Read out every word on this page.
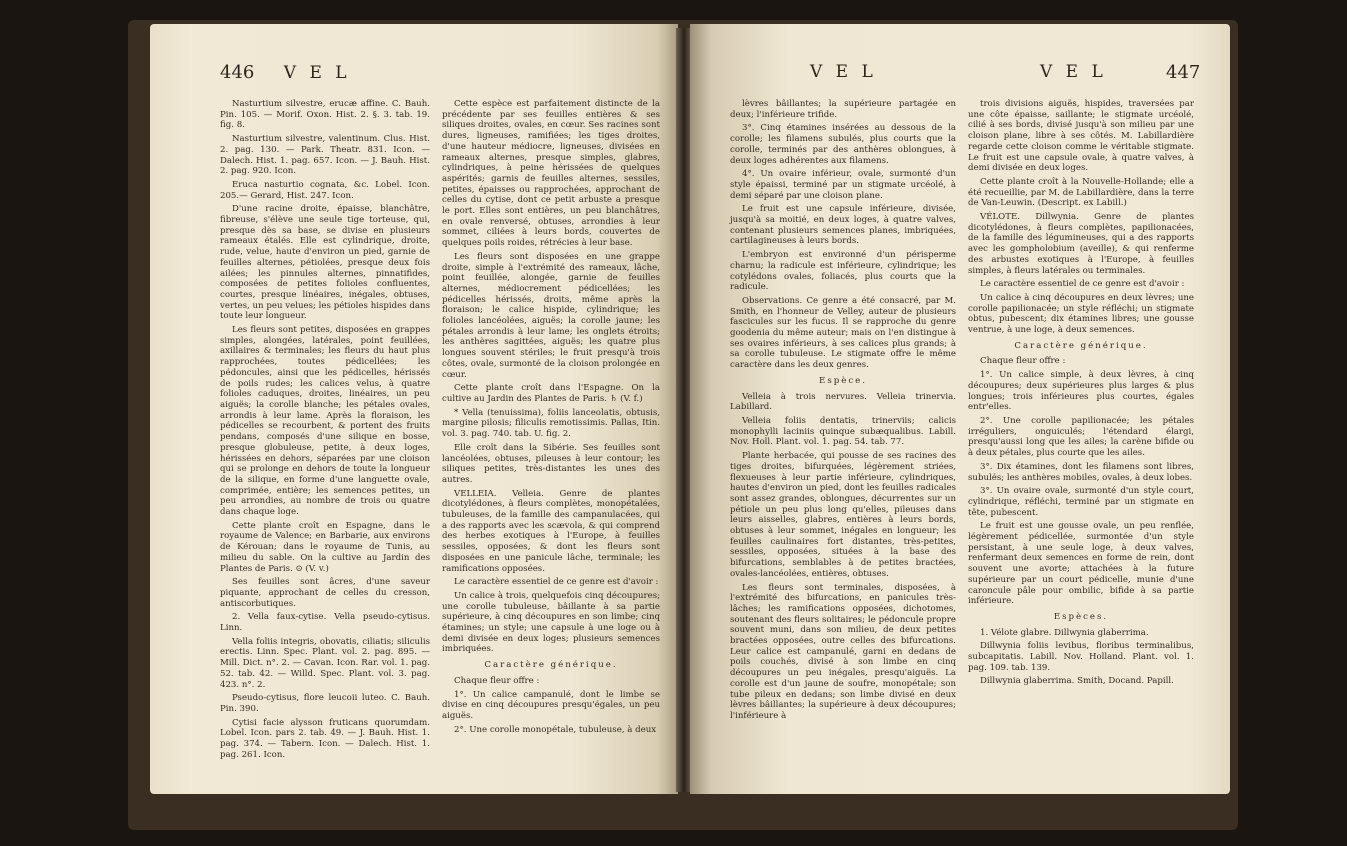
446 V E L

Nasturtium silvestre, erucæ affine. C. Bauh. Pin. 105. — Morif. Oxon. Hist. 2. §. 3. tab. 19. fig. 8.

Nasturtium silvestre, valentinum. Clus. Hist. 2. pag. 130. — Park. Theatr. 831. Icon. — Dalech. Hist. 1. pag. 657. Icon. — J. Bauh. Hist. 2. pag. 920. Icon.

Eruca nasturtio cognata, &c. Lobel. Icon. 205.— Gerard, Hist. 247. Icon.

D'une racine droite, épaisse, blanchâtre, fibreuse, s'élève une seule tige torteuse, qui, presque dès sa base, se divise en plusieurs rameaux étalés. Elle est cylindrique, droite, rude, velue, haute d'environ un pied, garnie de feuilles alternes, pétiolées, presque deux fois ailées; les pinnules alternes, pinnatifides, composées de petites folioles confluentes, courtes, presque linéaires, inégales, obtuses, vertes, un peu velues; les pétioles hispides dans toute leur longueur.

Les fleurs sont petites, disposées en grappes simples, alongées, latérales, point feuillées, axillaires & terminales; les fleurs du haut plus rapprochées, toutes pédicellées; les pédoncules, ainsi que les pédicelles, hérissés de poils rudes; les calices velus, à quatre folioles caduques, droites, linéaires, un peu aiguës; la corolle blanche; les pétales ovales, arrondis à leur lame. Après la floraison, les pédicelles se recourbent, & portent des fruits pendans, composés d'une silique en bosse, presque globuleuse, petite, à deux loges, hérissées en dehors, séparées par une cloison qui se prolonge en dehors de toute la longueur de la silique, en forme d'une languette ovale, comprimée, entière; les semences petites, un peu arrondies, au nombre de trois ou quatre dans chaque loge.

Cette plante croît en Espagne, dans le royaume de Valence; en Barbarie, aux environs de Kérouan; dans le royaume de Tunis, au milieu du sable. On la cultive au Jardin des Plantes de Paris. ⊙ (V. v.)

Ses feuilles sont âcres, d'une saveur piquante, approchant de celles du cresson, antiscorbutiques.

2. Vella faux-cytise. Vella pseudo-cytisus. Linn.

Vella foliis integris, obovatis, ciliatis; siliculis erectis. Linn. Spec. Plant. vol. 2. pag. 895. — Mill. Dict. n°. 2. — Cavan. Icon. Rar. vol. 1. pag. 52. tab. 42. — Willd. Spec. Plant. vol. 3. pag. 423. n°. 2.

Pseudo-cytisus, flore leucoii luteo. C. Bauh. Pin. 390.

Cytisi facie alysson fruticans quorumdam. Lobel. Icon. pars 2. tab. 49. — J. Bauh. Hist. 1. pag. 374. — Tabern. Icon. — Dalech. Hist. 1. pag. 261. Icon.

Cette espèce est parfaitement distincte de la précédente par ses feuilles entières & ses siliques droites, ovales, en cœur. Ses racines sont dures, ligneuses, ramifiées; les tiges droites, d'une hauteur médiocre, ligneuses, divisées en rameaux alternes, presque simples, glabres, cylindriques, à peine hérissées de quelques aspérités; garnis de feuilles alternes, sessiles, petites, épaisses ou rapprochées, approchant de celles du cytise, dont ce petit arbuste a presque le port. Elles sont entières, un peu blanchâtres, en ovale renversé, obtuses, arrondies à leur sommet, ciliées à leurs bords, couvertes de quelques poils roides, rétrécies à leur base.

Les fleurs sont disposées en une grappe droite, simple à l'extrémité des rameaux, lâche, point feuillée, alongée, garnie de feuilles alternes, médiocrement pédicellées; les pédicelles hérissés, droits, même après la floraison; le calice hispide, cylindrique; les folioles lancéolées, aiguës; la corolle jaune; les pétales arrondis à leur lame; les onglets étroits; les anthères sagittées, aiguës; les quatre plus longues souvent stériles; le fruit presqu'à trois côtes, ovale, surmonté de la cloison prolongée en cœur.

Cette plante croît dans l'Espagne. On la cultive au Jardin des Plantes de Paris. ♄ (V. f.)

* Vella (tenuissima), foliis lanceolatis, obtusis, margine pilosis; filiculis remotissimis. Pallas, Itin. vol. 3. pag. 740. tab. U. fig. 2.

Elle croît dans la Sibérie. Ses feuilles sont lancéolées, obtuses, pileuses à leur contour; les siliques petites, très-distantes les unes des autres.

VELLEIA. Velleia. Genre de plantes dicotylédones, à fleurs complètes, monopétalées, tubuleuses, de la famille des campanulacées, qui a des rapports avec les scævola, & qui comprend des herbes exotiques à l'Europe, à feuilles sessiles, opposées, & dont les fleurs sont disposées en une panicule lâche, terminale; les ramifications opposées.

Le caractère essentiel de ce genre est d'avoir :

Un calice à trois, quelquefois cinq découpures; une corolle tubuleuse, bâillante à sa partie supérieure, à cinq découpures en son limbe; cinq étamines; un style; une capsule à une loge ou à demi divisée en deux loges; plusieurs semences imbriquées.

Caractère générique.

Chaque fleur offre :

1°. Un calice campanulé, dont le limbe se divise en cinq découpures presqu'égales, un peu aiguës.

2°. Une corolle monopétale, tubuleuse, à deux

V E L	V E L	447

lèvres bâillantes; la supérieure partagée en deux; l'inférieure trifide.

3°. Cinq étamines insérées au dessous de la corolle; les filamens subulés, plus courts que la corolle, terminés par des anthères oblongues, à deux loges adhérentes aux filamens.

4°. Un ovaire inférieur, ovale, surmonté d'un style épaissi, terminé par un stigmate urcéolé, à demi séparé par une cloison plane.

Le fruit est une capsule inférieure, divisée, jusqu'à sa moitié, en deux loges, à quatre valves, contenant plusieurs semences planes, imbriquées, cartilagineuses à leurs bords.

L'embryon est environné d'un périsperme charnu; la radicule est inférieure, cylindrique; les cotylédons ovales, foliacés, plus courts que la radicule.

Observations. Ce genre a été consacré, par M. Smith, en l'honneur de Velley, auteur de plusieurs fascicules sur les fucus. Il se rapproche du genre goodenia du même auteur; mais on l'en distingue à ses ovaires inférieurs, à ses calices plus grands; à sa corolle tubuleuse. Le stigmate offre le même caractère dans les deux genres.

Espèce.

Velleia à trois nervures. Velleia trinervia. Labillard.

Velleia foliis dentatis, trinerviis; calicis monophylli laciniis quinque subæqualibus. Labill. Nov. Holl. Plant. vol. 1. pag. 54. tab. 77.

Plante herbacée, qui pousse de ses racines des tiges droites, bifurquées, légèrement striées, flexueuses à leur partie inférieure, cylindriques, hautes d'environ un pied, dont les feuilles radicales sont assez grandes, oblongues, décurrentes sur un pétiole un peu plus long qu'elles, pileuses dans leurs aisselles, glabres, entières à leurs bords, obtuses à leur sommet, inégales en longueur; les feuilles caulinaires fort distantes, très-petites, sessiles, opposées, situées à la base des bifurcations, semblables à de petites bractées, ovales-lancéolées, entières, obtuses.

Les fleurs sont terminales, disposées, à l'extrémité des bifurcations, en panicules très-lâches; les ramifications opposées, dichotomes, soutenant des fleurs solitaires; le pédoncule propre souvent muni, dans son milieu, de deux petites bractées opposées, outre celles des bifurcations. Leur calice est campanulé, garni en dedans de poils couchés, divisé à son limbe en cinq découpures un peu inégales, presqu'aiguës. La corolle est d'un jaune de soufre, monopétale; son tube pileux en dedans; son limbe divisé en deux lèvres bâillantes; la supérieure à deux découpures; l'inférieure à

trois divisions aiguës, hispides, traversées par une côte épaisse, saillante; le stigmate urcéolé, cilié à ses bords, divisé jusqu'à son milieu par une cloison plane, libre à ses côtés. M. Labillardière regarde cette cloison comme le véritable stigmate. Le fruit est une capsule ovale, à quatre valves, à demi divisée en deux loges.

Cette plante croît à la Nouvelle-Hollande; elle a été recueillie, par M. de Labillardière, dans la terre de Van-Leuwin. (Descript. ex Labill.)

VÉLOTE. Dillwynia. Genre de plantes dicotylédones, à fleurs complètes, papilionacées, de la famille des légumineuses, qui a des rapports avec les gompholobium (aveille), & qui renferme des arbustes exotiques à l'Europe, à feuilles simples, à fleurs latérales ou terminales.

Le caractère essentiel de ce genre est d'avoir :

Un calice à cinq découpures en deux lèvres; une corolle papilionacée; un style réfléchi; un stigmate obtus, pubescent; dix étamines libres; une gousse ventrue, à une loge, à deux semences.

Caractère générique.

Chaque fleur offre :

1°. Un calice simple, à deux lèvres, à cinq découpures; deux supérieures plus larges & plus longues; trois inférieures plus courtes, égales entr'elles.

2°. Une corolle papilionacée; les pétales irréguliers, onguiculés; l'étendard élargi, presqu'aussi long que les ailes; la carène bifide ou à deux pétales, plus courte que les ailes.

3°. Dix étamines, dont les filamens sont libres, subulés; les anthères mobiles, ovales, à deux lobes.

3°. Un ovaire ovale, surmonté d'un style court, cylindrique, réfléchi, terminé par un stigmate en tête, pubescent.

Le fruit est une gousse ovale, un peu renflée, légèrement pédicellée, surmontée d'un style persistant, à une seule loge, à deux valves, renfermant deux semences en forme de rein, dont souvent une avorte; attachées à la future supérieure par un court pédicelle, munie d'une caroncule pâle pour ombilic, bifide à sa partie inférieure.

Espèces.

1. Vélote glabre. Dillwynia glaberrima.

Dillwynia foliis levibus, floribus terminalibus, subcapitatis. Labill. Nov. Holland. Plant. vol. 1. pag. 109. tab. 139.

Dillwynia glaberrima. Smith, Docand. Papill.
